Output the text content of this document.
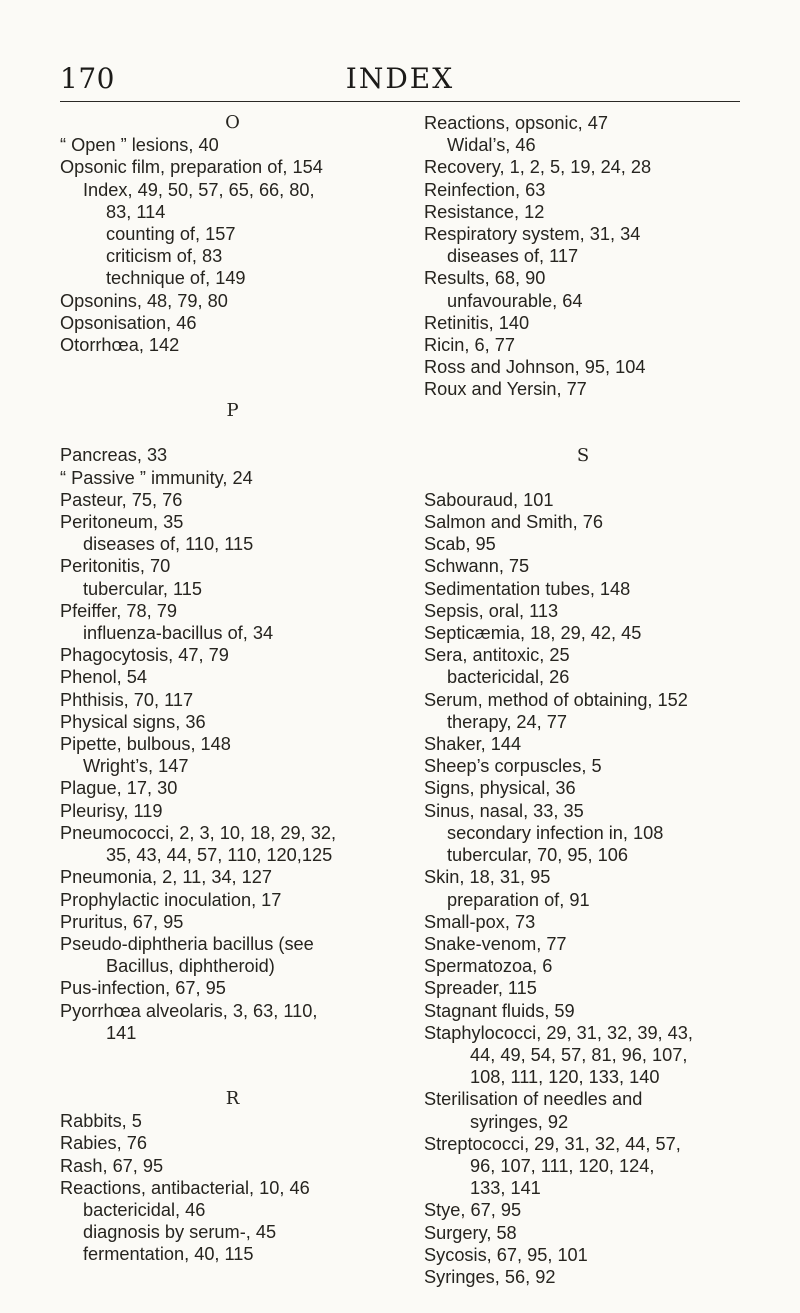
170	INDEX
O
“ Open ” lesions, 40
Opsonic film, preparation of, 154
Index, 49, 50, 57, 65, 66, 80,
83, 114
counting of, 157
criticism of, 83
technique of, 149
Opsonins, 48, 79, 80
Opsonisation, 46
Otorrhœa, 142
P
Pancreas, 33
“ Passive ” immunity, 24
Pasteur, 75, 76
Peritoneum, 35
diseases of, 110, 115
Peritonitis, 70
tubercular, 115
Pfeiffer, 78, 79
influenza-bacillus of, 34
Phagocytosis, 47, 79
Phenol, 54
Phthisis, 70, 117
Physical signs, 36
Pipette, bulbous, 148
Wright’s, 147
Plague, 17, 30
Pleurisy, 119
Pneumococci, 2, 3, 10, 18, 29, 32,
35, 43, 44, 57, 110, 120,125
Pneumonia, 2, 11, 34, 127
Prophylactic inoculation, 17
Pruritus, 67, 95
Pseudo-diphtheria bacillus (see
Bacillus, diphtheroid)
Pus-infection, 67, 95
Pyorrhœa alveolaris, 3, 63, 110,
141
R
Rabbits, 5
Rabies, 76
Rash, 67, 95
Reactions, antibacterial, 10, 46
bactericidal, 46
diagnosis by serum-, 45
fermentation, 40, 115
Reactions, opsonic, 47
Widal’s, 46
Recovery, 1, 2, 5, 19, 24, 28
Reinfection, 63
Resistance, 12
Respiratory system, 31, 34
diseases of, 117
Results, 68, 90
unfavourable, 64
Retinitis, 140
Ricin, 6, 77
Ross and Johnson, 95, 104
Roux and Yersin, 77
S
Sabouraud, 101
Salmon and Smith, 76
Scab, 95
Schwann, 75
Sedimentation tubes, 148
Sepsis, oral, 113
Septicæmia, 18, 29, 42, 45
Sera, antitoxic, 25
bactericidal, 26
Serum, method of obtaining, 152
therapy, 24, 77
Shaker, 144
Sheep’s corpuscles, 5
Signs, physical, 36
Sinus, nasal, 33, 35
secondary infection in, 108
tubercular, 70, 95, 106
Skin, 18, 31, 95
preparation of, 91
Small-pox, 73
Snake-venom, 77
Spermatozoa, 6
Spreader, 115
Stagnant fluids, 59
Staphylococci, 29, 31, 32, 39, 43,
44, 49, 54, 57, 81, 96, 107,
108, 111, 120, 133, 140
Sterilisation of needles and
syringes, 92
Streptococci, 29, 31, 32, 44, 57,
96, 107, 111, 120, 124,
133, 141
Stye, 67, 95
Surgery, 58
Sycosis, 67, 95, 101
Syringes, 56, 92
